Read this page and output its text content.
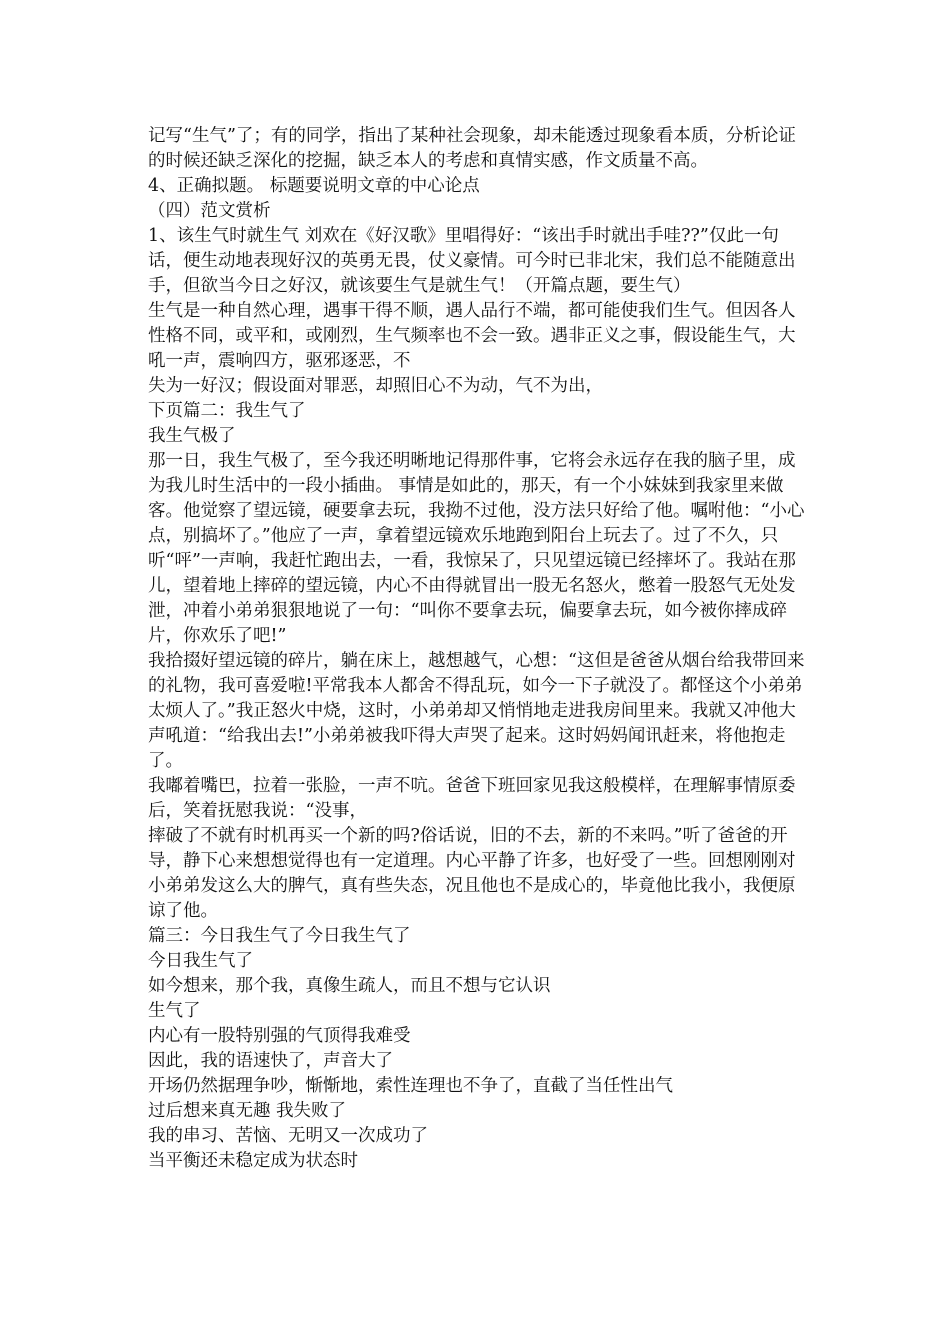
记写“生气”了；有的同学，指出了某种社会现象，却未能透过现象看本质，分析论证的时候还缺乏深化的挖掘，缺乏本人的考虑和真情实感，作文质量不高。

4、正确拟题。 标题要说明文章的中心论点

（四）范文赏析

1、该生气时就生气 刘欢在《好汉歌》里唱得好：“该出手时就出手哇??”仅此一句话，便生动地表现好汉的英勇无畏，仗义豪情。可今时已非北宋，我们总不能随意出手，但欲当今日之好汉，就该要生气是就生气！（开篇点题，要生气）

生气是一种自然心理，遇事干得不顺，遇人品行不端，都可能使我们生气。但因各人性格不同，或平和，或刚烈，生气频率也不会一致。遇非正义之事，假设能生气，大吼一声，震响四方，驱邪逐恶，不

失为一好汉；假设面对罪恶，却照旧心不为动，气不为出，

下页篇二：我生气了

我生气极了

那一日，我生气极了，至今我还明晰地记得那件事，它将会永远存在我的脑子里，成为我儿时生活中的一段小插曲。 事情是如此的，那天，有一个小妹妹到我家里来做客。他觉察了望远镜，硬要拿去玩，我拗不过他，没方法只好给了他。嘱咐他：“小心点，别搞坏了。”他应了一声，拿着望远镜欢乐地跑到阳台上玩去了。过了不久，只听“呯”一声响，我赶忙跑出去，一看，我惊呆了，只见望远镜已经摔坏了。我站在那儿，望着地上摔碎的望远镜，内心不由得就冒出一股无名怒火，憋着一股怒气无处发泄，冲着小弟弟狠狠地说了一句：“叫你不要拿去玩，偏要拿去玩，如今被你摔成碎片，你欢乐了吧!”

我拾掇好望远镜的碎片，躺在床上，越想越气，心想：“这但是爸爸从烟台给我带回来的礼物，我可喜爱啦!平常我本人都舍不得乱玩，如今一下子就没了。都怪这个小弟弟太烦人了。”我正怒火中烧，这时，小弟弟却又悄悄地走进我房间里来。我就又冲他大声吼道：“给我出去!”小弟弟被我吓得大声哭了起来。这时妈妈闻讯赶来，将他抱走了。

我嘟着嘴巴，拉着一张脸，一声不吭。爸爸下班回家见我这般模样，在理解事情原委后，笑着抚慰我说：“没事，

摔破了不就有时机再买一个新的吗?俗话说，旧的不去，新的不来吗。”听了爸爸的开导，静下心来想想觉得也有一定道理。内心平静了许多，也好受了一些。回想刚刚对小弟弟发这么大的脾气，真有些失态，况且他也不是成心的，毕竟他比我小，我便原谅了他。

篇三：今日我生气了今日我生气了

今日我生气了

如今想来，那个我，真像生疏人，而且不想与它认识

生气了

内心有一股特别强的气顶得我难受

因此，我的语速快了，声音大了

开场仍然据理争吵，惭惭地，索性连理也不争了，直截了当任性出气

过后想来真无趣 我失败了

我的串习、苦恼、无明又一次成功了

当平衡还未稳定成为状态时
